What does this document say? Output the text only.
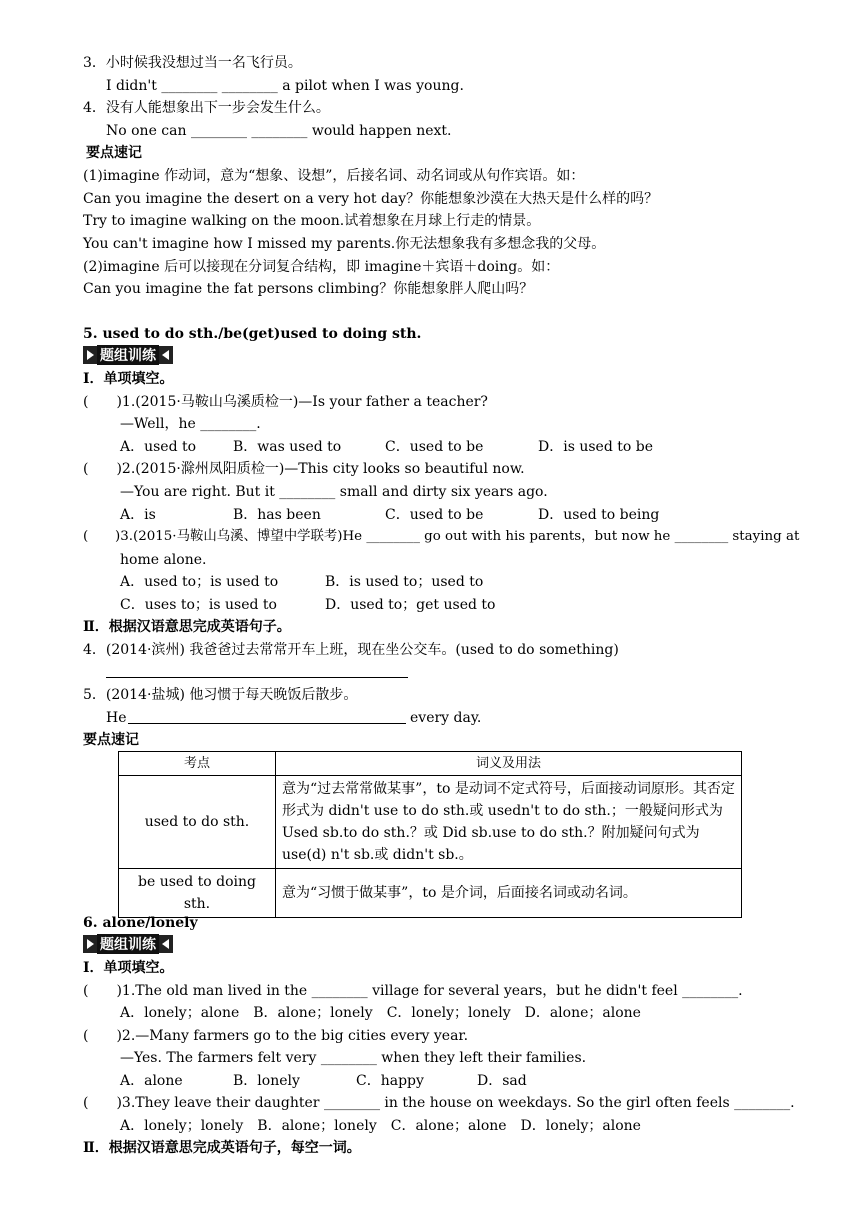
3．小时候我没想过当一名飞行员。
I didn't ________ ________ a pilot when I was young.
4．没有人能想象出下一步会发生什么。
No one can ________ ________ would happen next.
要点速记
(1)imagine 作动词，意为“想象、设想”，后接名词、动名词或从句作宾语。如：
Can you imagine the desert on a very hot day？你能想象沙漠在大热天是什么样的吗？
Try to imagine walking on the moon.试着想象在月球上行走的情景。
You can't imagine how I missed my parents.你无法想象我有多想念我的父母。
(2)imagine 后可以接现在分词复合结构，即 imagine＋宾语＋doing。如：
Can you imagine the fat persons climbing？你能想象胖人爬山吗？
5. used to do sth./be(get)used to doing sth.
题组训练
Ⅰ．单项填空。
(　　)1.(2015·马鞍山乌溪质检一)—Is your father a teacher?
—Well，he ________.
A．used to	B．was used to	C．used to be	D．is used to be
(　　)2.(2015·滁州凤阳质检一)—This city looks so beautiful now.
—You are right. But it ________ small and dirty six years ago.
A．is	B．has been	C．used to be	D．used to being
(　　)3.(2015·马鞍山乌溪、博望中学联考)He ________ go out with his parents，but now he ________ staying at
home alone.
A．used to；is used to	B．is used to；used to
C．uses to；is used to	D．used to；get used to
Ⅱ．根据汉语意思完成英语句子。
4．(2014·滨州) 我爸爸过去常常开车上班，现在坐公交车。(used to do something)
5．(2014·盐城) 他习惯于每天晚饭后散步。
He	every day.
要点速记
考点	词义及用法
used to do sth.	意为“过去常常做某事”，to 是动词不定式符号，后面接动词原形。其否定形式为 didn't use to do sth.或 usedn't to do sth.；一般疑问形式为 Used sb.to do sth.？或 Did sb.use to do sth.？附加疑问句式为 use(d) n't sb.或 didn't sb.。
be used to doing sth.	意为“习惯于做某事”，to 是介词，后面接名词或动名词。
6. alone/lonely
题组训练
Ⅰ．单项填空。
(　　)1.The old man lived in the ________ village for several years，but he didn't feel ________.
A．lonely；alone　B．alone；lonely　C．lonely；lonely　D．alone；alone
(　　)2.—Many farmers go to the big cities every year.
—Yes. The farmers felt very ________ when they left their families.
A．alone	B．lonely	C．happy	D．sad
(　　)3.They leave their daughter ________ in the house on weekdays. So the girl often feels ________.
A．lonely；lonely　B．alone；lonely　C．alone；alone　D．lonely；alone
Ⅱ．根据汉语意思完成英语句子，每空一词。
